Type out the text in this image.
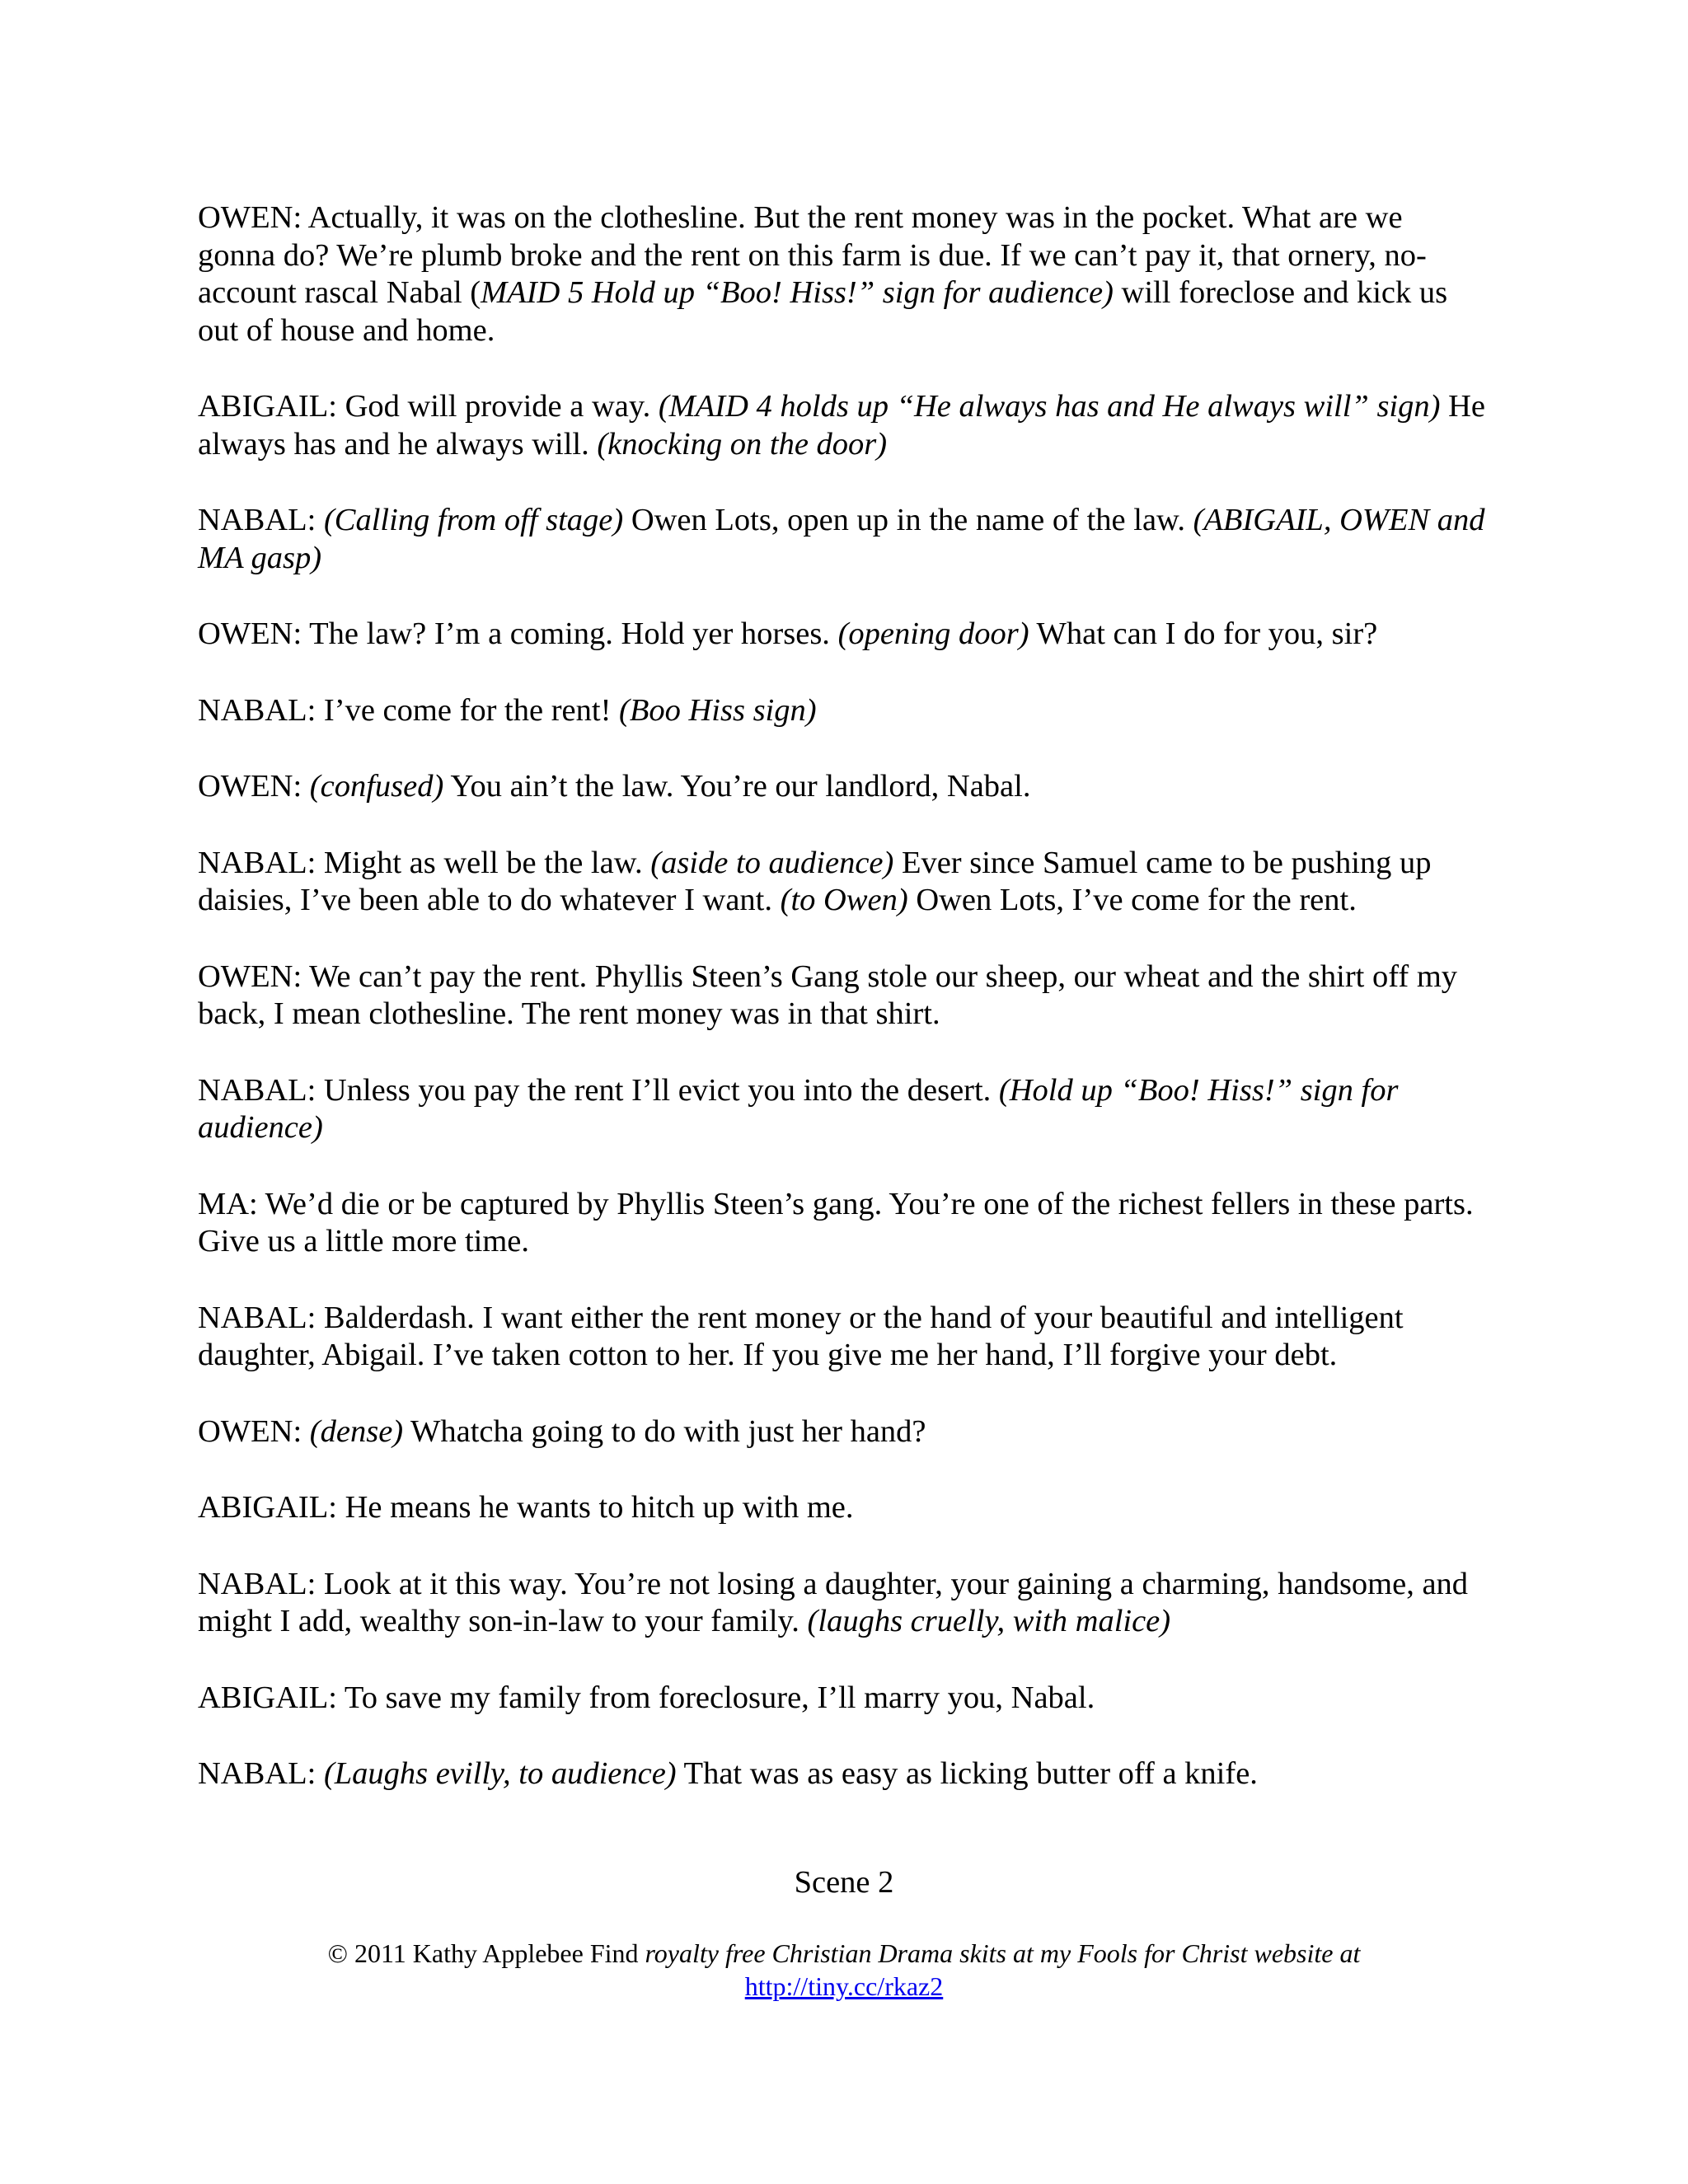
OWEN: Actually, it was on the clothesline. But the rent money was in the pocket. What are we gonna do? We’re plumb broke and the rent on this farm is due. If we can’t pay it, that ornery, no-account rascal Nabal (MAID 5 Hold up “Boo! Hiss!” sign for audience) will foreclose and kick us out of house and home.

ABIGAIL: God will provide a way. (MAID 4 holds up “He always has and He always will” sign) He always has and he always will. (knocking on the door)

NABAL: (Calling from off stage) Owen Lots, open up in the name of the law. (ABIGAIL, OWEN and MA gasp)

OWEN: The law? I’m a coming. Hold yer horses. (opening door) What can I do for you, sir?

NABAL: I’ve come for the rent! (Boo Hiss sign)

OWEN: (confused) You ain’t the law. You’re our landlord, Nabal.

NABAL: Might as well be the law. (aside to audience) Ever since Samuel came to be pushing up daisies, I’ve been able to do whatever I want. (to Owen) Owen Lots, I’ve come for the rent.

OWEN: We can’t pay the rent. Phyllis Steen’s Gang stole our sheep, our wheat and the shirt off my back, I mean clothesline. The rent money was in that shirt.

NABAL: Unless you pay the rent I’ll evict you into the desert. (Hold up “Boo! Hiss!” sign for audience)

MA: We’d die or be captured by Phyllis Steen’s gang. You’re one of the richest fellers in these parts. Give us a little more time.

NABAL: Balderdash. I want either the rent money or the hand of your beautiful and intelligent daughter, Abigail. I’ve taken cotton to her. If you give me her hand, I’ll forgive your debt.

OWEN: (dense) Whatcha going to do with just her hand?

ABIGAIL: He means he wants to hitch up with me.

NABAL: Look at it this way. You’re not losing a daughter, your gaining a charming, handsome, and might I add, wealthy son-in-law to your family. (laughs cruelly, with malice)

ABIGAIL: To save my family from foreclosure, I’ll marry you, Nabal.

NABAL: (Laughs evilly, to audience) That was as easy as licking butter off a knife.

Scene 2
© 2011 Kathy Applebee Find royalty free Christian Drama skits at my Fools for Christ website at
http://tiny.cc/rkaz2
